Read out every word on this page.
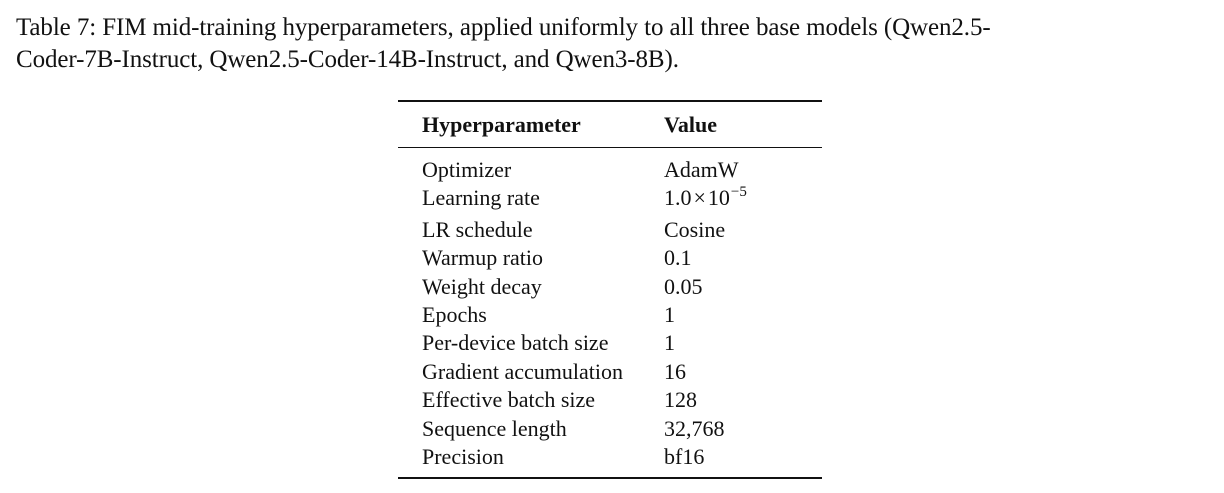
Table 7: FIM mid-training hyperparameters, applied uniformly to all three base models (Qwen2.5-
Coder-7B-Instruct, Qwen2.5-Coder-14B-Instruct, and Qwen3-8B).
Hyperparameter	Value
Optimizer	AdamW
Learning rate	$1.0\times 10^{-5}$
LR schedule	Cosine
Warmup ratio	0.1
Weight decay	0.05
Epochs	1
Per-device batch size	1
Gradient accumulation	16
Effective batch size	128
Sequence length	32,768
Precision	bf16
